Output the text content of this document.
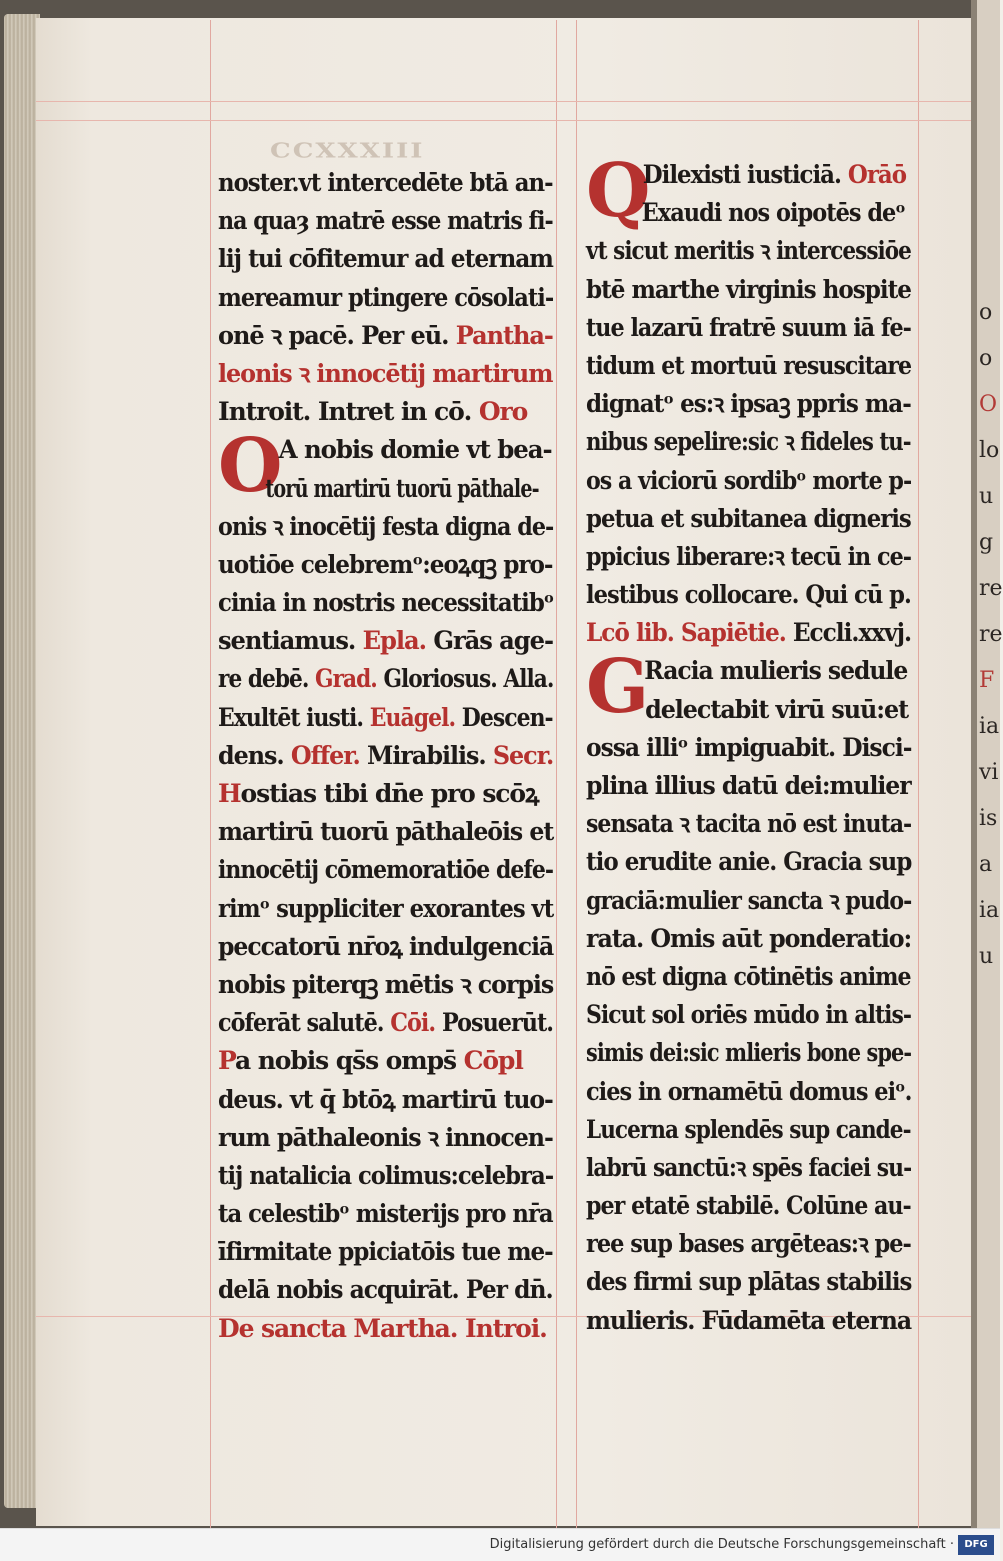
CCXXXIII
noster.vt intercedēte btā an-
na quaȝ matrē esse matris fi-
lij tui cōfitemur ad eternam
mereamur ptingere cōsolati-
onē ꝛ pacē. Per eū. Pantha-
leonis ꝛ innocētij martirum
Introit. Intret in cō. Oro
O
A nobis domie vt bea-
torū martirū tuorū pāthale-
onis ꝛ inocētij festa digna de-
uotiōe celebremᵒ:eoꝝqꝫ pro-
cinia in nostris necessitatibᵒ
sentiamus. Epla. Grās age-
re debē. Grad. Gloriosus. Alla.
Exultēt iusti. Euāgel. Descen-
dens. Offer. Mirabilis. Secr.
Hostias tibi dn̄e pro scōꝝ
martirū tuorū pāthaleōis et
innocētij cōmemoratiōe defe-
rimᵒ suppliciter exorantes vt
peccatorū nr̄oꝝ indulgenciā
nobis piterqꝫ mētis ꝛ corpis
cōferāt salutē. Cōi. Posuerūt.
Pa nobis qs̄s omps̄ Cōpl
deus. vt q̄ btōꝝ martirū tuo-
rum pāthaleonis ꝛ innocen-
tij natalicia colimus:celebra-
ta celestibᵒ misterijs pro nr̄a
īfirmitate ppiciatōis tue me-
delā nobis acquirāt. Per dn̄.
De sancta Martha. Introi.
Q
Dilexisti iusticiā. Orāō
Exaudi nos oipotēs deᵒ
vt sicut meritis ꝛ intercessiōe
btē marthe virginis hospite
tue lazarū fratrē suum iā fe-
tidum et mortuū resuscitare
dignatᵒ es:ꝛ ipsaꝫ ppris ma-
nibus sepelire:sic ꝛ fideles tu-
os a viciorū sordibᵒ morte p-
petua et subitanea digneris
ppicius liberare:ꝛ tecū in ce-
lestibus collocare. Qui cū p.
Lcō lib. Sapiētie. Eccli.xxvj.
G
Racia mulieris sedule
delectabit virū suū:et
ossa illiᵒ impiguabit. Disci-
plina illius datū dei:mulier
sensata ꝛ tacita nō est inuta-
tio erudite anie. Gracia sup
graciā:mulier sancta ꝛ pudo-
rata. Omis aūt ponderatio:
nō est digna cōtinētis anime
Sicut sol oriēs mūdo in altis-
simis dei:sic mlieris bone spe-
cies in ornamētū domus eiᵒ.
Lucerna splendēs sup cande-
labrū sanctū:ꝛ spēs faciei su-
per etatē stabilē. Colūne au-
ree sup bases argēteas:ꝛ pe-
des firmi sup plātas stabilis
mulieris. Fūdamēta eterna
o
o
O
lo
u
g
re
re
F
ia
vi
is
a
ia
u
Digitalisierung gefördert durch die Deutsche Forschungsgemeinschaft ·	DFG
